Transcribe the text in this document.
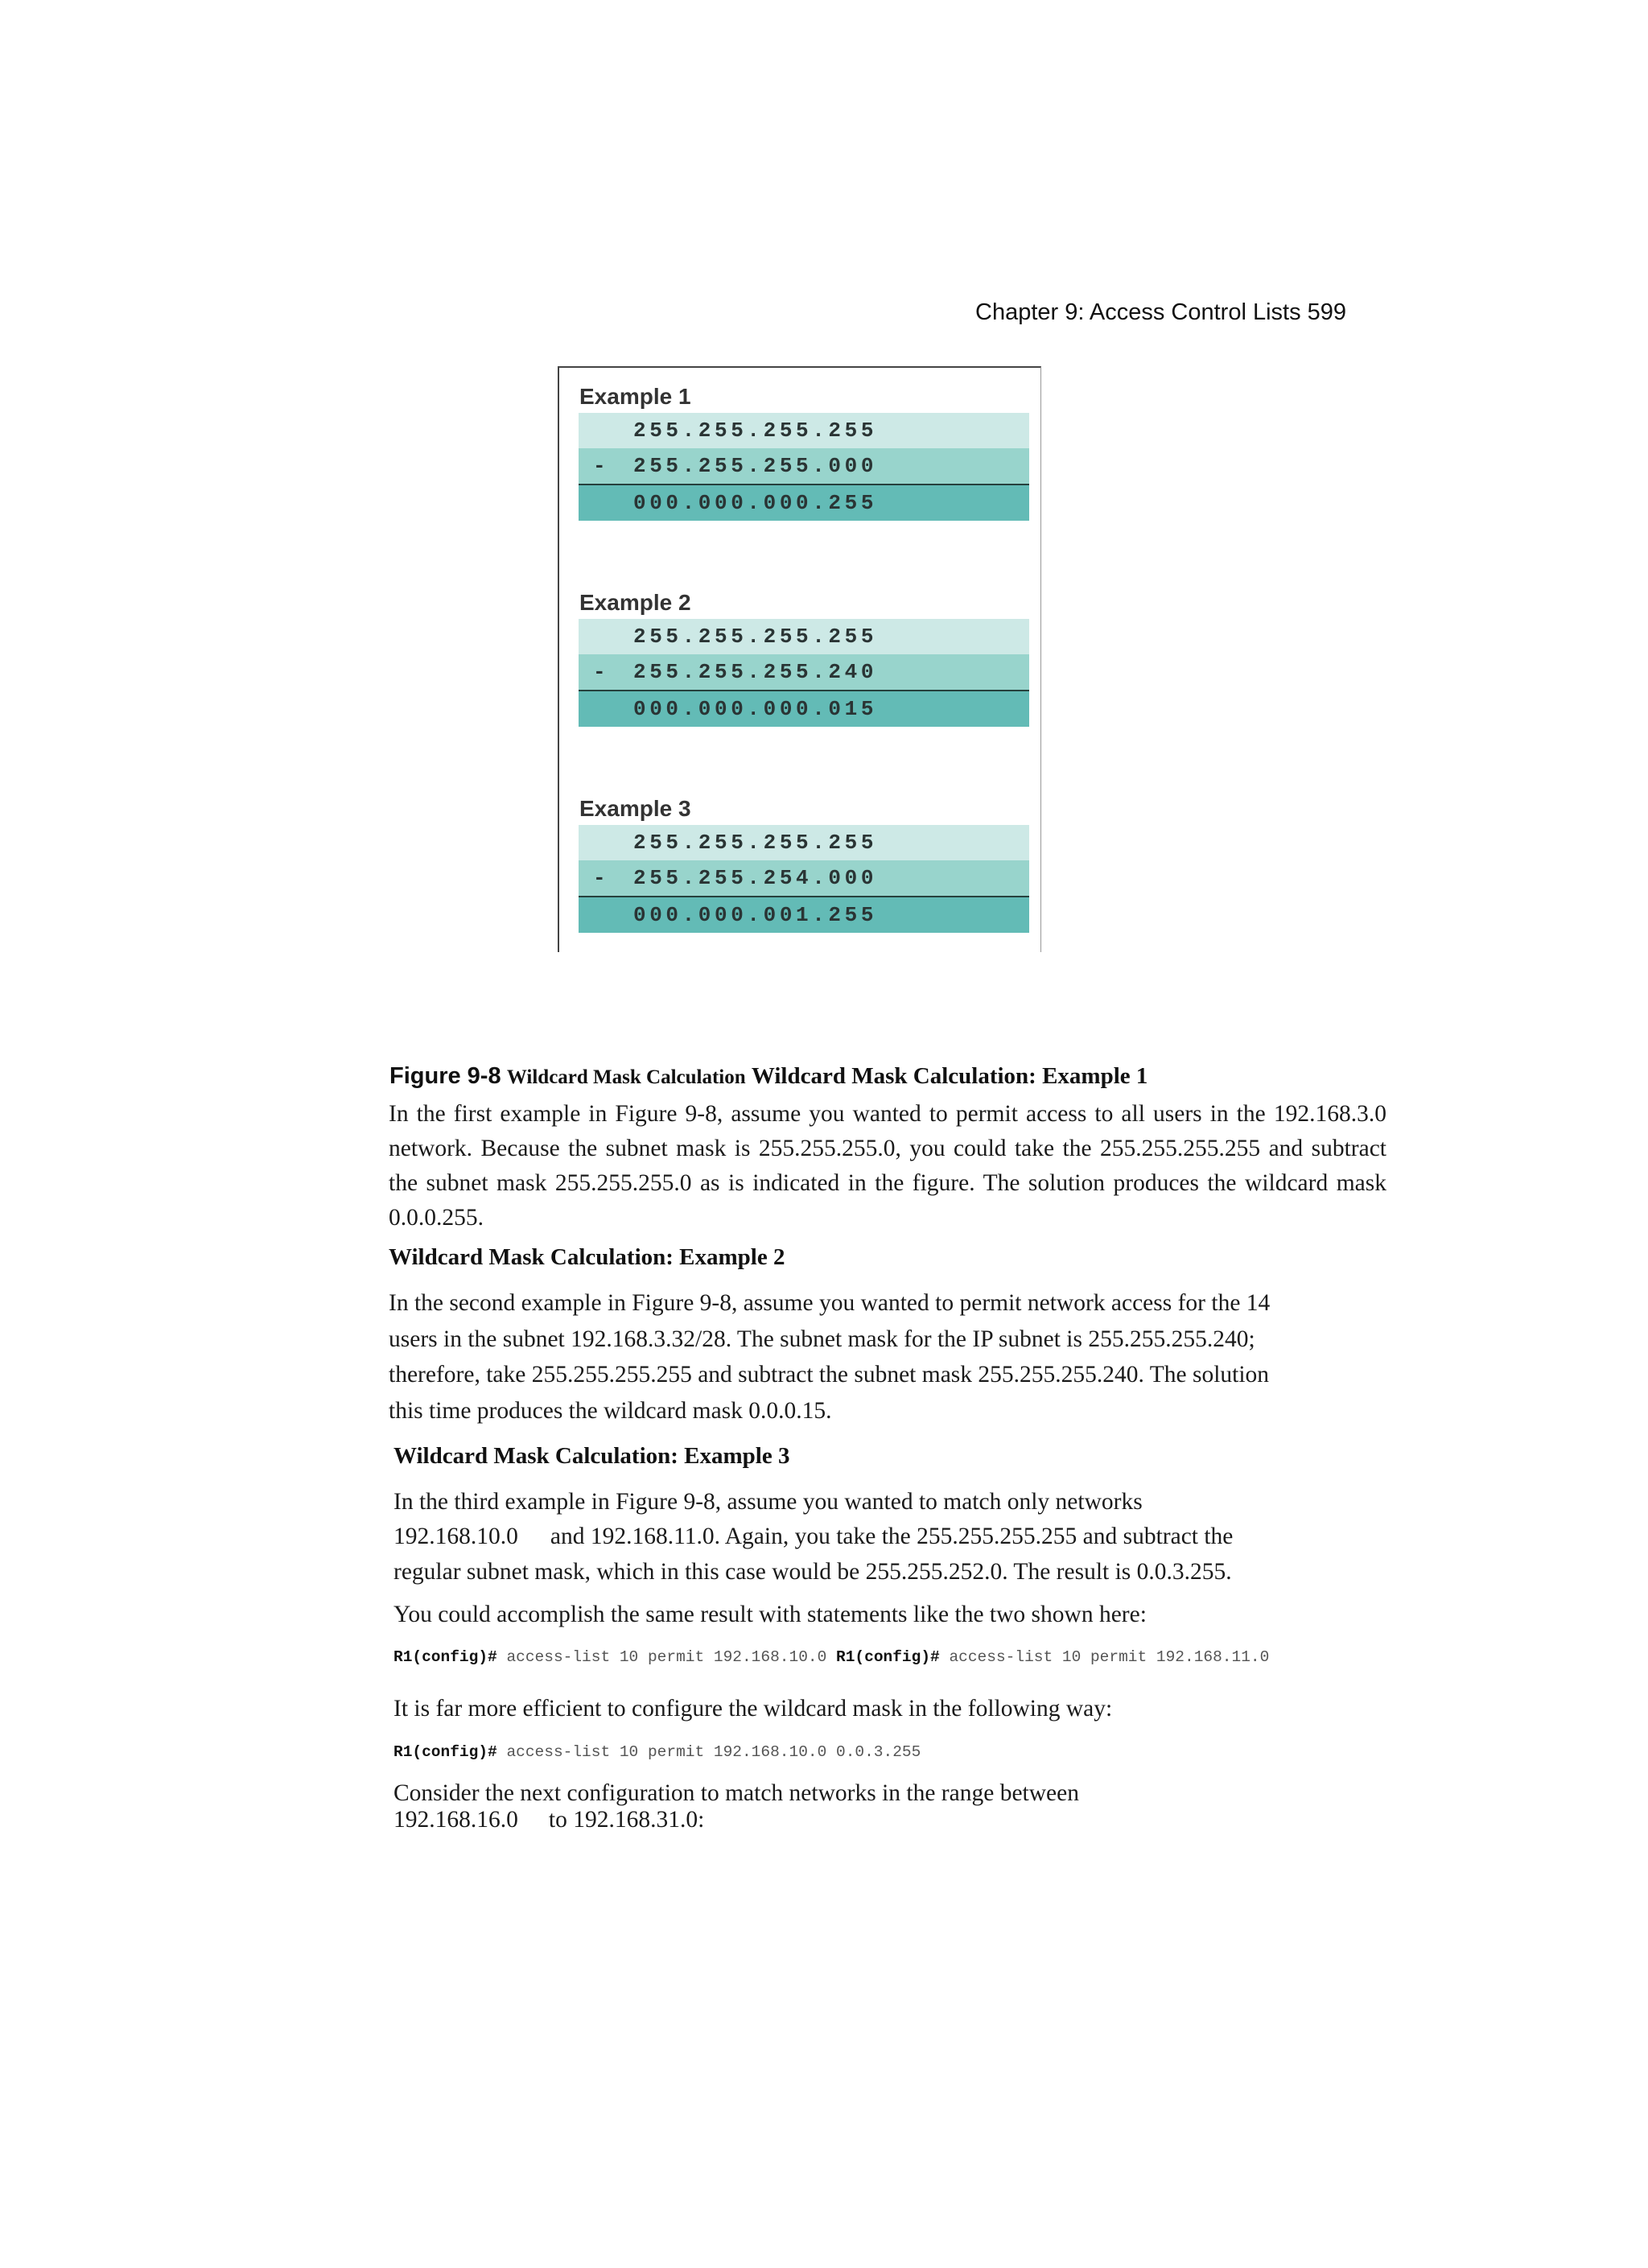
Chapter 9: Access Control Lists 599
Example 1
255.255.255.255
- 255.255.255.000
000.000.000.255
Example 2
255.255.255.255
- 255.255.255.240
000.000.000.015
Example 3
255.255.255.255
- 255.255.254.000
000.000.001.255
Figure 9-8 Wildcard Mask Calculation Wildcard Mask Calculation: Example 1
In the first example in Figure 9-8, assume you wanted to permit access to all users in the 192.168.3.0 network. Because the subnet mask is 255.255.255.0, you could take the 255.255.255.255 and subtract the subnet mask 255.255.255.0 as is indicated in the figure. The solution produces the wildcard mask 0.0.0.255.
Wildcard Mask Calculation: Example 2
In the second example in Figure 9-8, assume you wanted to permit network access for the 14
users in the subnet 192.168.3.32/28. The subnet mask for the IP subnet is 255.255.255.240;
therefore, take 255.255.255.255 and subtract the subnet mask 255.255.255.240. The solution
this time produces the wildcard mask 0.0.0.15.
Wildcard Mask Calculation: Example 3
In the third example in Figure 9-8, assume you wanted to match only networks
192.168.10.0 and 192.168.11.0. Again, you take the 255.255.255.255 and subtract the
regular subnet mask, which in this case would be 255.255.252.0. The result is 0.0.3.255.
You could accomplish the same result with statements like the two shown here:
R1(config)# access-list 10 permit 192.168.10.0 R1(config)# access-list 10 permit 192.168.11.0
It is far more efficient to configure the wildcard mask in the following way:
R1(config)# access-list 10 permit 192.168.10.0 0.0.3.255
Consider the next configuration to match networks in the range between
192.168.16.0 to 192.168.31.0:
